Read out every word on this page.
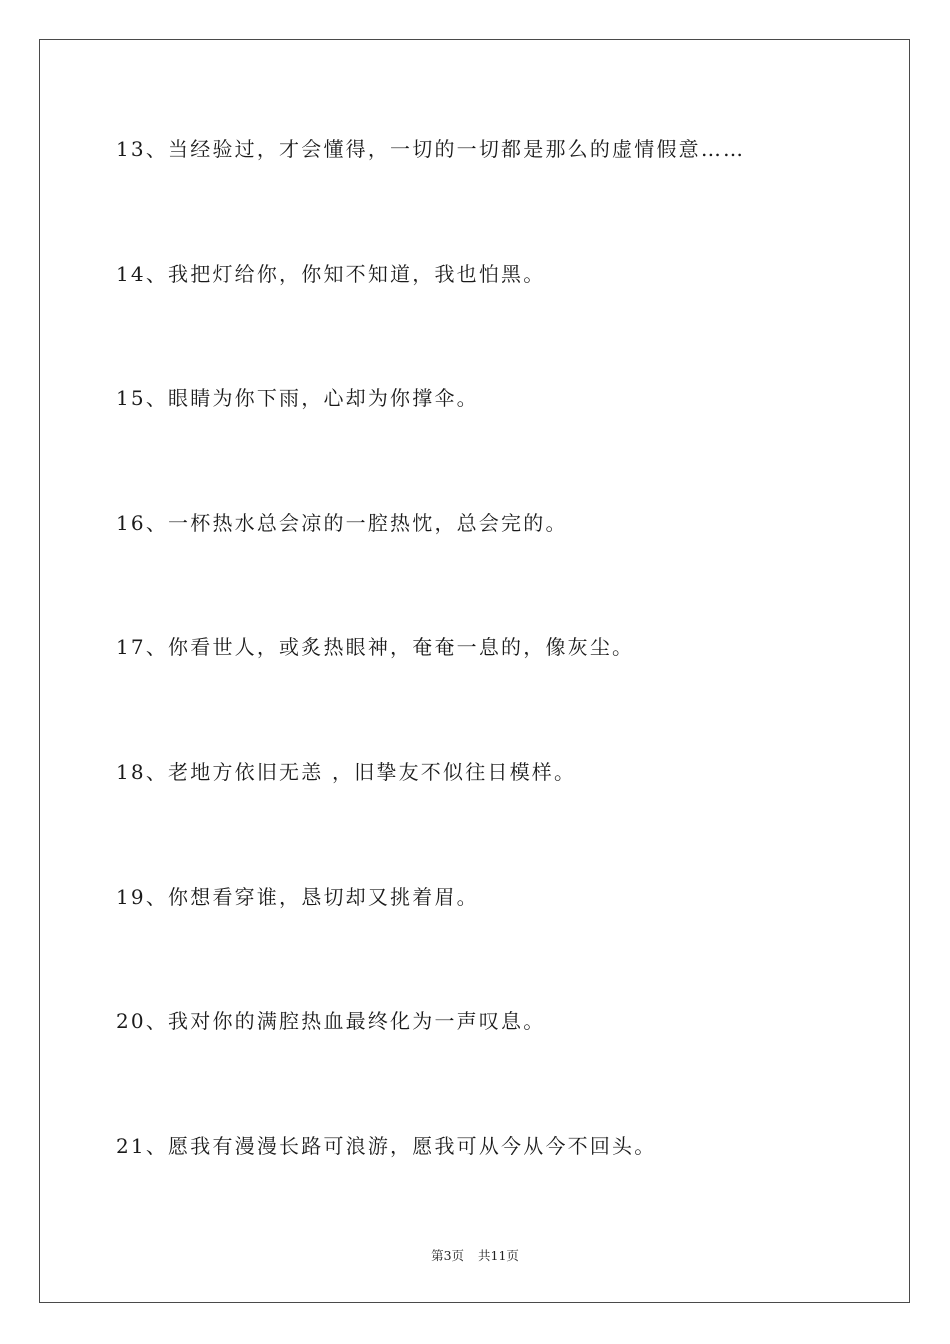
13、当经验过，才会懂得，一切的一切都是那么的虚情假意……
14、我把灯给你，你知不知道，我也怕黑。
15、眼睛为你下雨，心却为你撑伞。
16、一杯热水总会凉的一腔热忱，总会完的。
17、你看世人，或炙热眼神，奄奄一息的，像灰尘。
18、老地方依旧无恙 ，旧挚友不似往日模样。
19、你想看穿谁，恳切却又挑着眉。
20、我对你的满腔热血最终化为一声叹息。
21、愿我有漫漫长路可浪游，愿我可从今从今不回头。
第3页 共11页
